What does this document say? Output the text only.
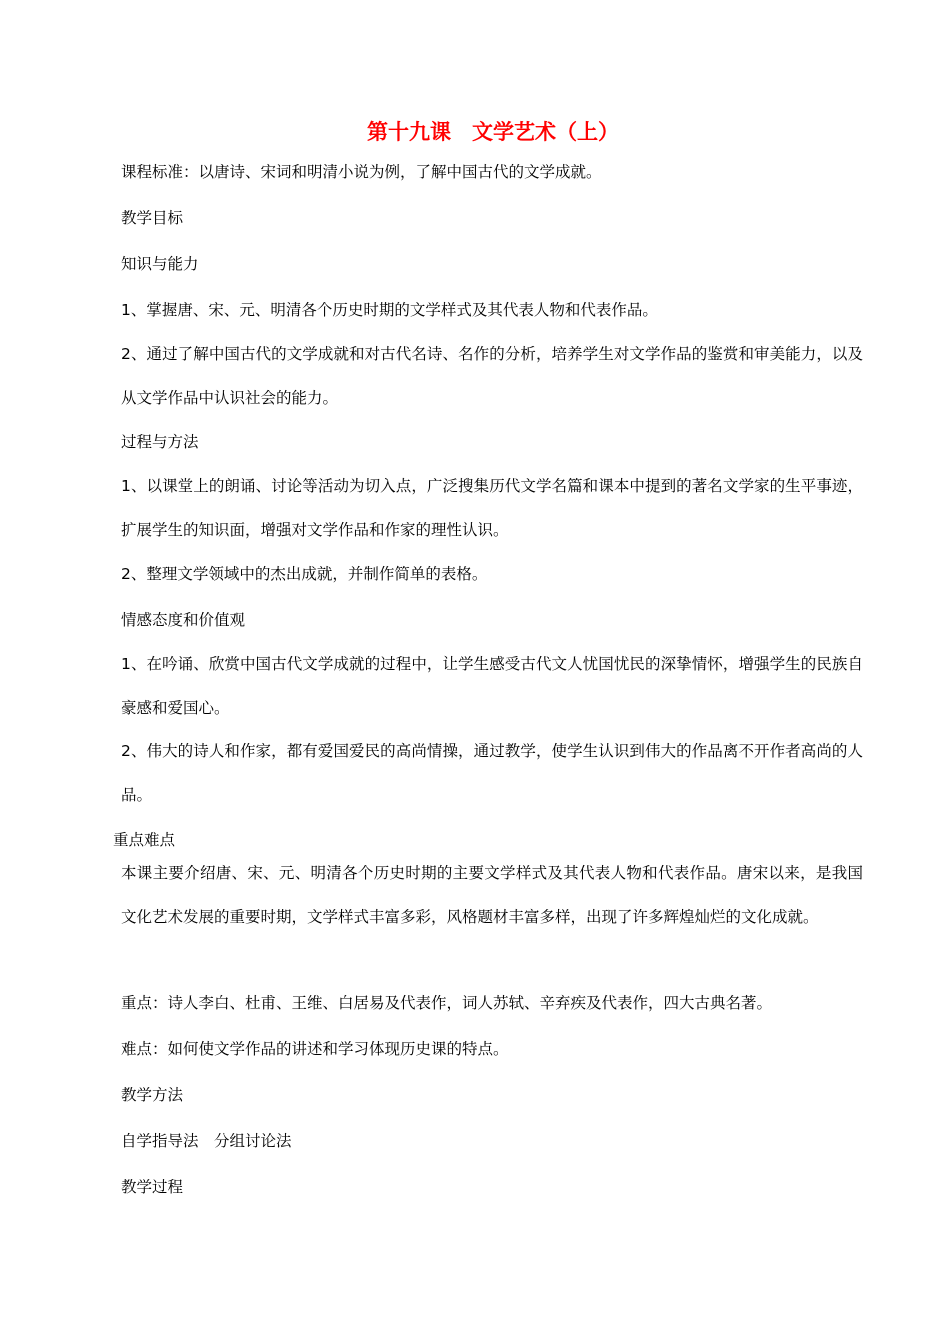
第十九课　文学艺术（上）
课程标准：以唐诗、宋词和明清小说为例，了解中国古代的文学成就。
教学目标
知识与能力
1、掌握唐、宋、元、明清各个历史时期的文学样式及其代表人物和代表作品。
2、通过了解中国古代的文学成就和对古代名诗、名作的分析，培养学生对文学作品的鉴赏和审美能力，以及从文学作品中认识社会的能力。
过程与方法
1、以课堂上的朗诵、讨论等活动为切入点，广泛搜集历代文学名篇和课本中提到的著名文学家的生平事迹，扩展学生的知识面，增强对文学作品和作家的理性认识。
2、整理文学领域中的杰出成就，并制作简单的表格。
情感态度和价值观
1、在吟诵、欣赏中国古代文学成就的过程中，让学生感受古代文人忧国忧民的深挚情怀，增强学生的民族自豪感和爱国心。
2、伟大的诗人和作家，都有爱国爱民的高尚情操，通过教学，使学生认识到伟大的作品离不开作者高尚的人品。
重点难点
本课主要介绍唐、宋、元、明清各个历史时期的主要文学样式及其代表人物和代表作品。唐宋以来，是我国文化艺术发展的重要时期，文学样式丰富多彩，风格题材丰富多样，出现了许多辉煌灿烂的文化成就。
重点：诗人李白、杜甫、王维、白居易及代表作，词人苏轼、辛弃疾及代表作，四大古典名著。
难点：如何使文学作品的讲述和学习体现历史课的特点。
教学方法
自学指导法　分组讨论法
教学过程
